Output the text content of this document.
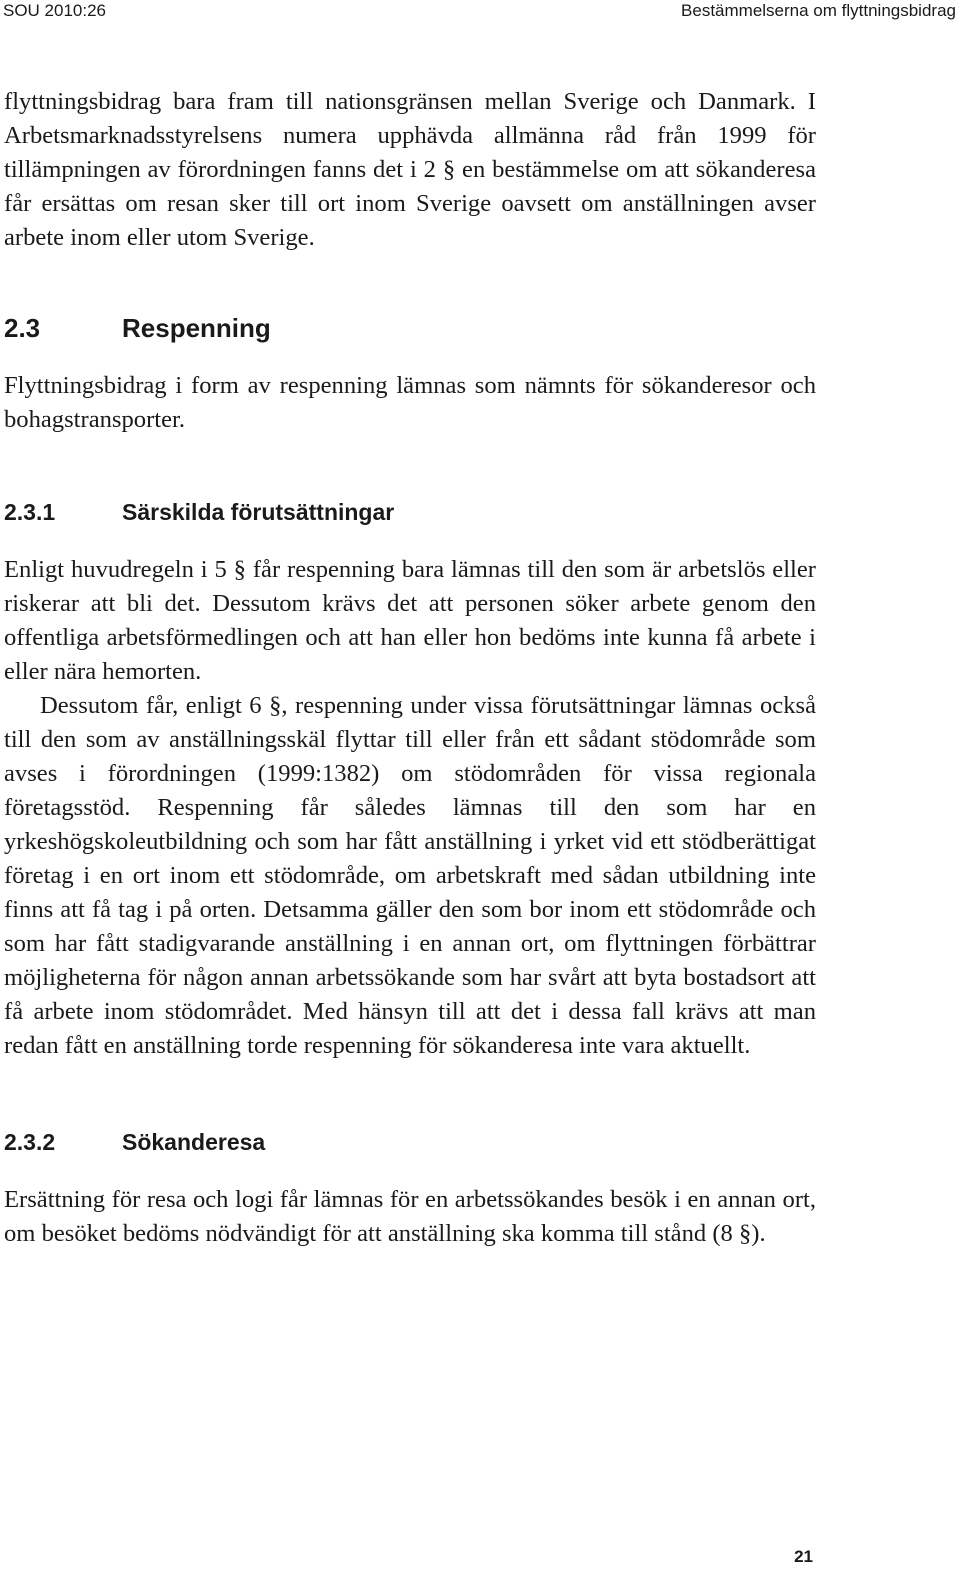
SOU 2010:26	Bestämmelserna om flyttningsbidrag

flyttningsbidrag bara fram till nationsgränsen mellan Sverige och Danmark. I Arbetsmarknadsstyrelsens numera upphävda allmänna råd från 1999 för tillämpningen av förordningen fanns det i 2 § en bestämmelse om att sökanderesa får ersättas om resan sker till ort inom Sverige oavsett om anställningen avser arbete inom eller utom Sverige.

2.3	Respenning

Flyttningsbidrag i form av respenning lämnas som nämnts för sökanderesor och bohagstransporter.

2.3.1	Särskilda förutsättningar

Enligt huvudregeln i 5 § får respenning bara lämnas till den som är arbetslös eller riskerar att bli det. Dessutom krävs det att personen söker arbete genom den offentliga arbetsförmedlingen och att han eller hon bedöms inte kunna få arbete i eller nära hemorten.

Dessutom får, enligt 6 §, respenning under vissa förutsättningar lämnas också till den som av anställningsskäl flyttar till eller från ett sådant stödområde som avses i förordningen (1999:1382) om stödområden för vissa regionala företagsstöd. Respenning får således lämnas till den som har en yrkeshögskoleutbildning och som har fått anställning i yrket vid ett stödberättigat företag i en ort inom ett stödområde, om arbetskraft med sådan utbildning inte finns att få tag i på orten. Detsamma gäller den som bor inom ett stödområde och som har fått stadigvarande anställning i en annan ort, om flyttningen förbättrar möjligheterna för någon annan arbetssökande som har svårt att byta bostadsort att få arbete inom stödområdet. Med hänsyn till att det i dessa fall krävs att man redan fått en anställning torde respenning för sökanderesa inte vara aktuellt.

2.3.2	Sökanderesa

Ersättning för resa och logi får lämnas för en arbetssökandes besök i en annan ort, om besöket bedöms nödvändigt för att anställning ska komma till stånd (8 §).

21
